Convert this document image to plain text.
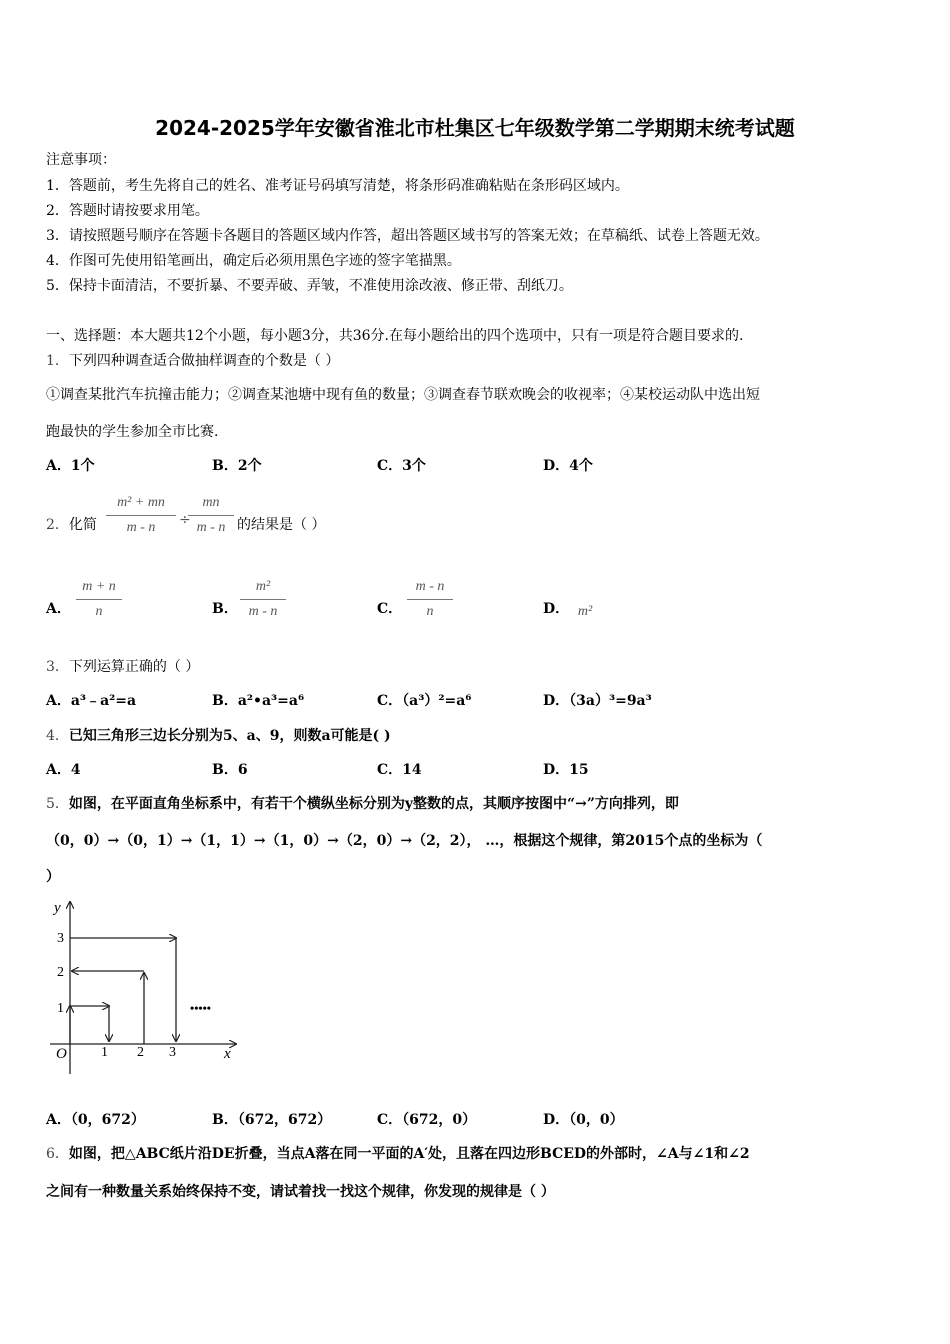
2024-2025学年安徽省淮北市杜集区七年级数学第二学期期末统考试题
注意事项：
1．答题前，考生先将自己的姓名、准考证号码填写清楚，将条形码准确粘贴在条形码区域内。
2．答题时请按要求用笔。
3．请按照题号顺序在答题卡各题目的答题区域内作答，超出答题区域书写的答案无效；在草稿纸、试卷上答题无效。
4．作图可先使用铅笔画出，确定后必须用黑色字迹的签字笔描黑。
5．保持卡面清洁，不要折暴、不要弄破、弄皱，不准使用涂改液、修正带、刮纸刀。
一、选择题：本大题共12个小题，每小题3分，共36分.在每小题给出的四个选项中，只有一项是符合题目要求的.
1．下列四种调查适合做抽样调查的个数是（ ）
①调查某批汽车抗撞击能力；②调查某池塘中现有鱼的数量；③调查春节联欢晚会的收视率；④某校运动队中选出短
跑最快的学生参加全市比赛.
A．1个	B．2个	C．3个	D．4个
2．化简
m² + mn
m - n	÷
mn
m - n 的结果是（ ）
A．
m + n
n	B．
m²
m - n	C．
m - n
n	D． m²
3．下列运算正确的（ ）
A．a³﹣a²=a	B．a²•a³=a⁶	C．（a³）²=a⁶	D．（3a）³=9a³
4．已知三角形三边长分别为5、a、9，则数a可能是( )
A．4	B．6	C．14	D．15
5．如图，在平面直角坐标系中，有若干个横纵坐标分别为y整数的点，其顺序按图中“→”方向排列，即
（0，0）→（0，1）→（1，1）→（1，0）→（2，0）→（2，2）， …，根据这个规律，第2015个点的坐标为（
）
y
x
O
1
2
3
1 2 3
•••••
A．（0，672）	B．（672，672）	C．（672，0）	D．（0，0）
6．如图，把△ABC纸片沿DE折叠，当点A落在同一平面的A′处，且落在四边形BCED的外部时，∠A与∠1和∠2
之间有一种数量关系始终保持不变，请试着找一找这个规律，你发现的规律是（ ）
